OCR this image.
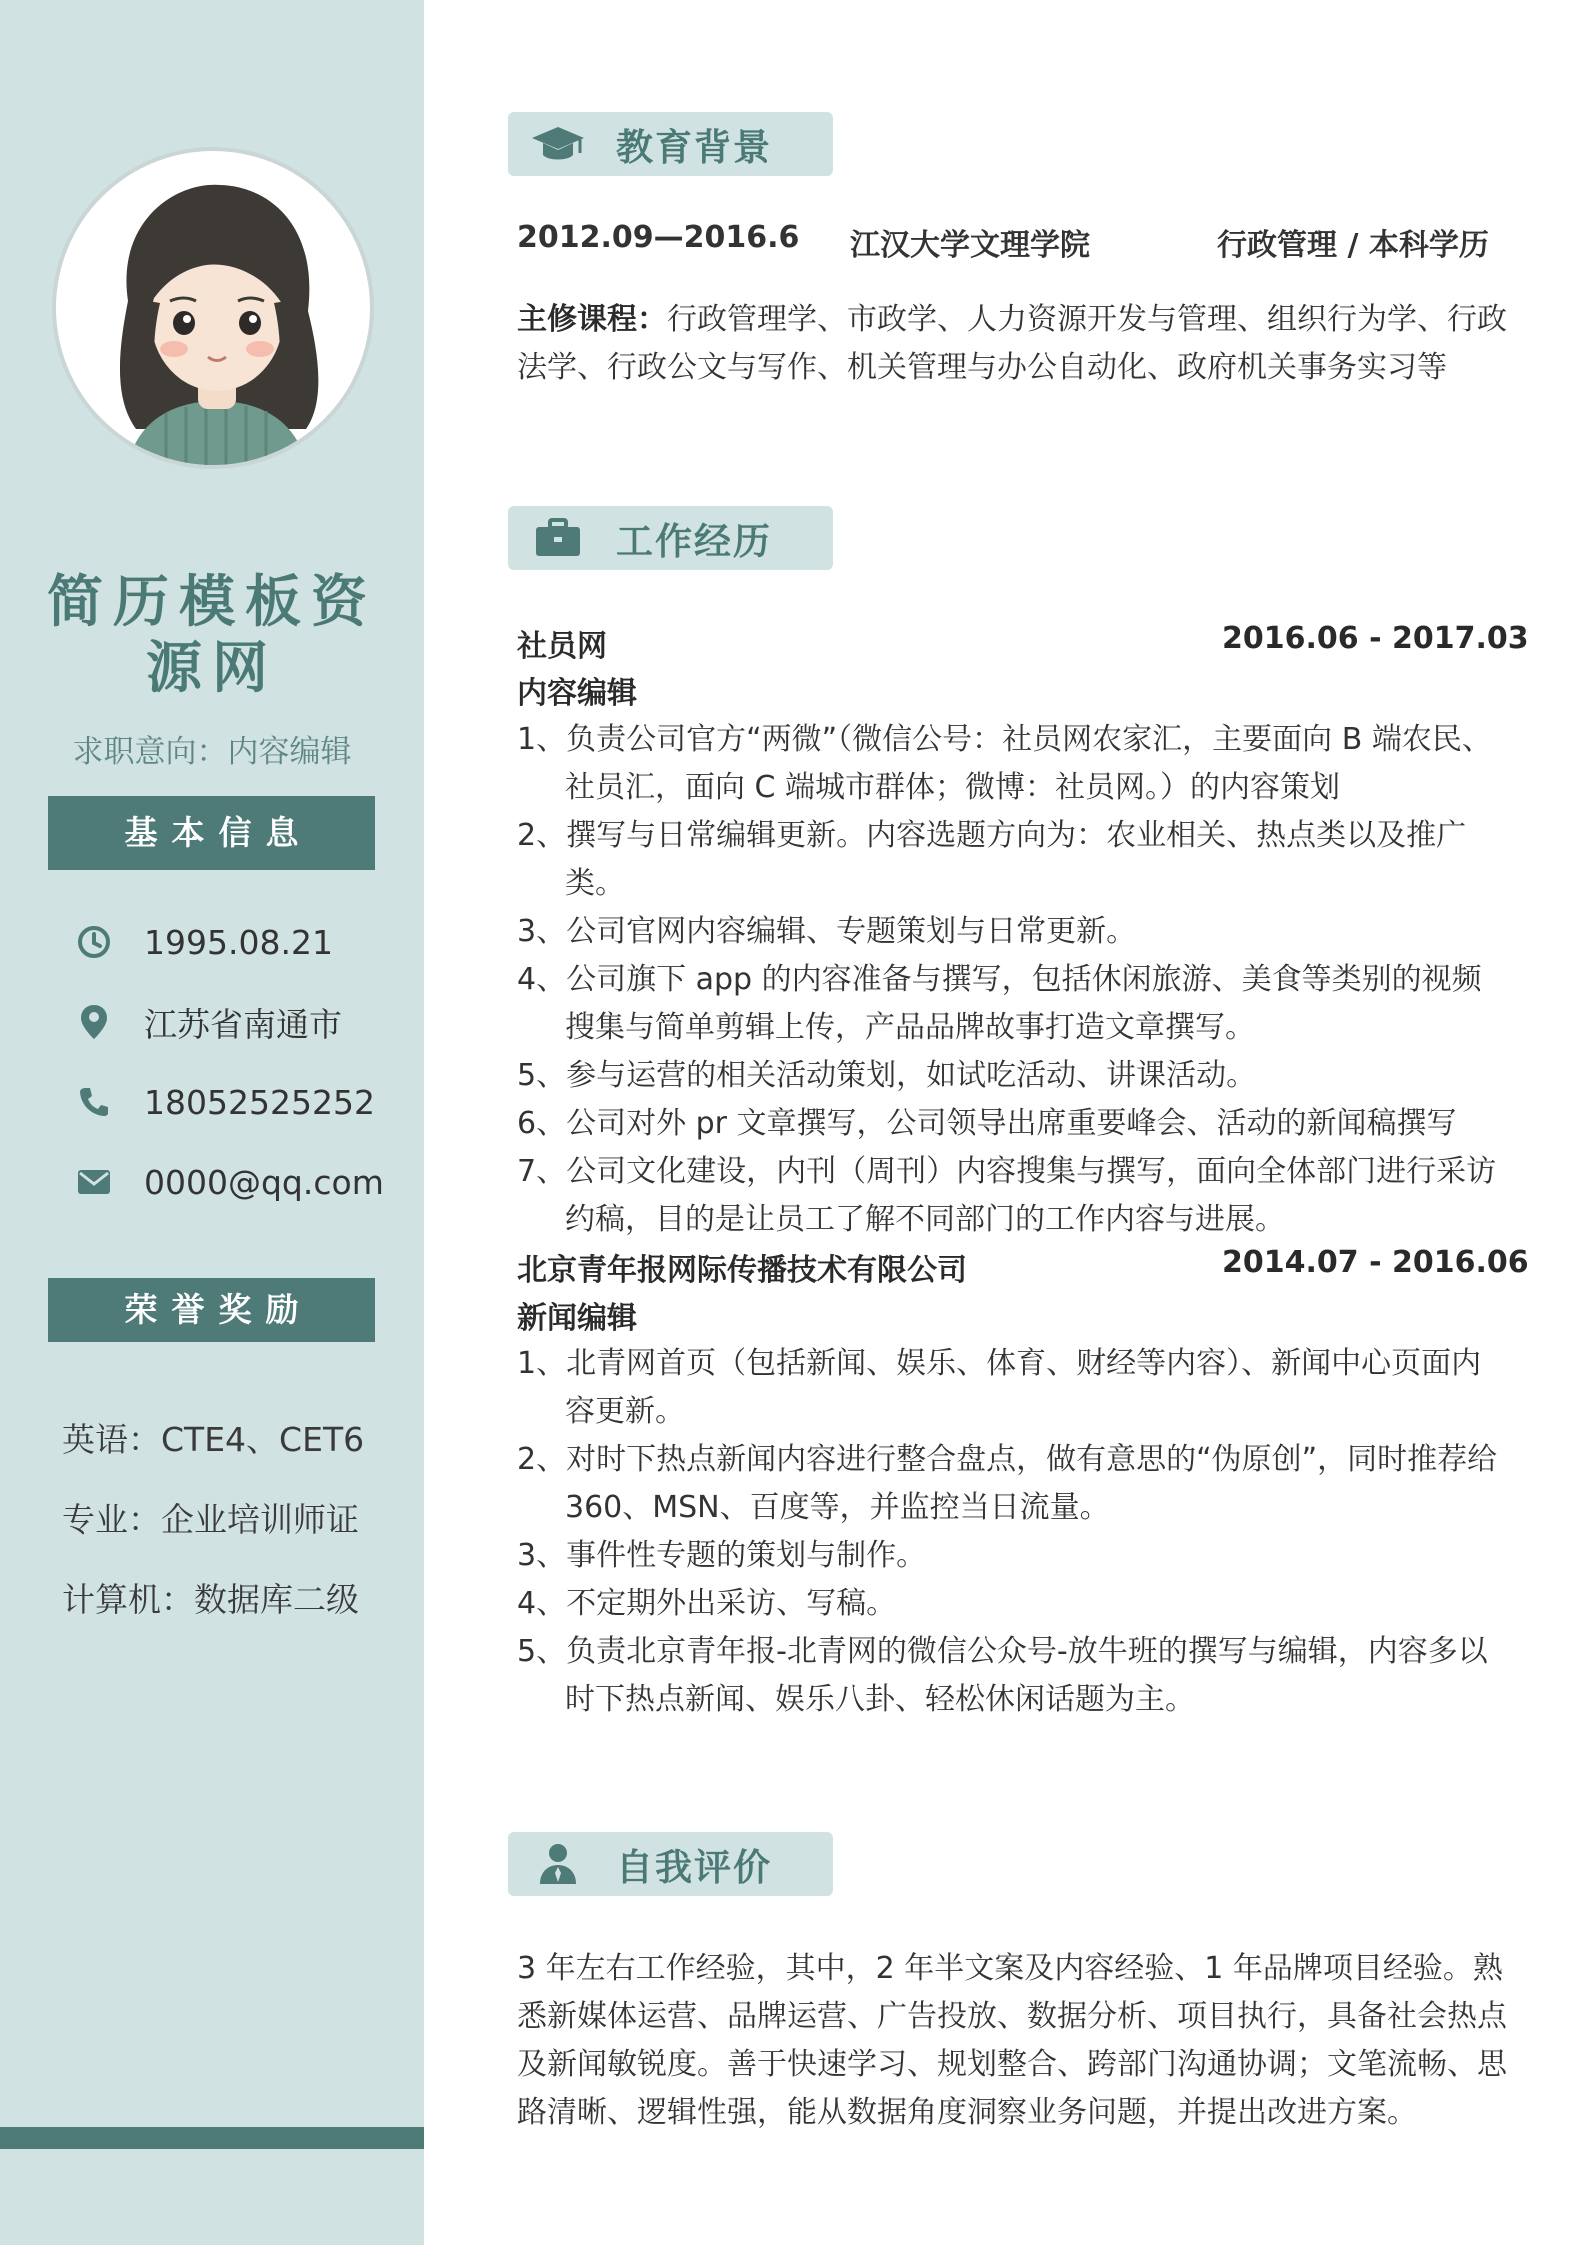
简历模板资源网
求职意向：内容编辑
基本信息
1995.08.21
江苏省南通市
18052525252
0000@qq.com
荣誉奖励
英语：CTE4、CET6
专业：企业培训师证
计算机：数据库二级
教育背景
2012.09—2016.6 江汉大学文理学院	行政管理 / 本科学历
主修课程：行政管理学、市政学、人力资源开发与管理、组织行为学、行政法学、行政公文与写作、机关管理与办公自动化、政府机关事务实习等
工作经历
社员网	2016.06 - 2017.03
内容编辑
1、负责公司官方“两微”（微信公号：社员网农家汇，主要面向 B 端农民、社员汇，面向 C 端城市群体；微博：社员网。）的内容策划
2、撰写与日常编辑更新。内容选题方向为：农业相关、热点类以及推广类。
3、公司官网内容编辑、专题策划与日常更新。
4、公司旗下 app 的内容准备与撰写，包括休闲旅游、美食等类别的视频搜集与简单剪辑上传，产品品牌故事打造文章撰写。
5、参与运营的相关活动策划，如试吃活动、讲课活动。
6、公司对外 pr 文章撰写，公司领导出席重要峰会、活动的新闻稿撰写
7、公司文化建设，内刊（周刊）内容搜集与撰写，面向全体部门进行采访约稿，目的是让员工了解不同部门的工作内容与进展。
北京青年报网际传播技术有限公司	2014.07 - 2016.06
新闻编辑
1、北青网首页（包括新闻、娱乐、体育、财经等内容）、新闻中心页面内容更新。
2、对时下热点新闻内容进行整合盘点，做有意思的“伪原创”，同时推荐给360、MSN、百度等，并监控当日流量。
3、事件性专题的策划与制作。
4、不定期外出采访、写稿。
5、负责北京青年报-北青网的微信公众号-放牛班的撰写与编辑，内容多以时下热点新闻、娱乐八卦、轻松休闲话题为主。
自我评价
3 年左右工作经验，其中，2 年半文案及内容经验、1 年品牌项目经验。熟悉新媒体运营、品牌运营、广告投放、数据分析、项目执行，具备社会热点及新闻敏锐度。善于快速学习、规划整合、跨部门沟通协调；文笔流畅、思路清晰、逻辑性强，能从数据角度洞察业务问题，并提出改进方案。
